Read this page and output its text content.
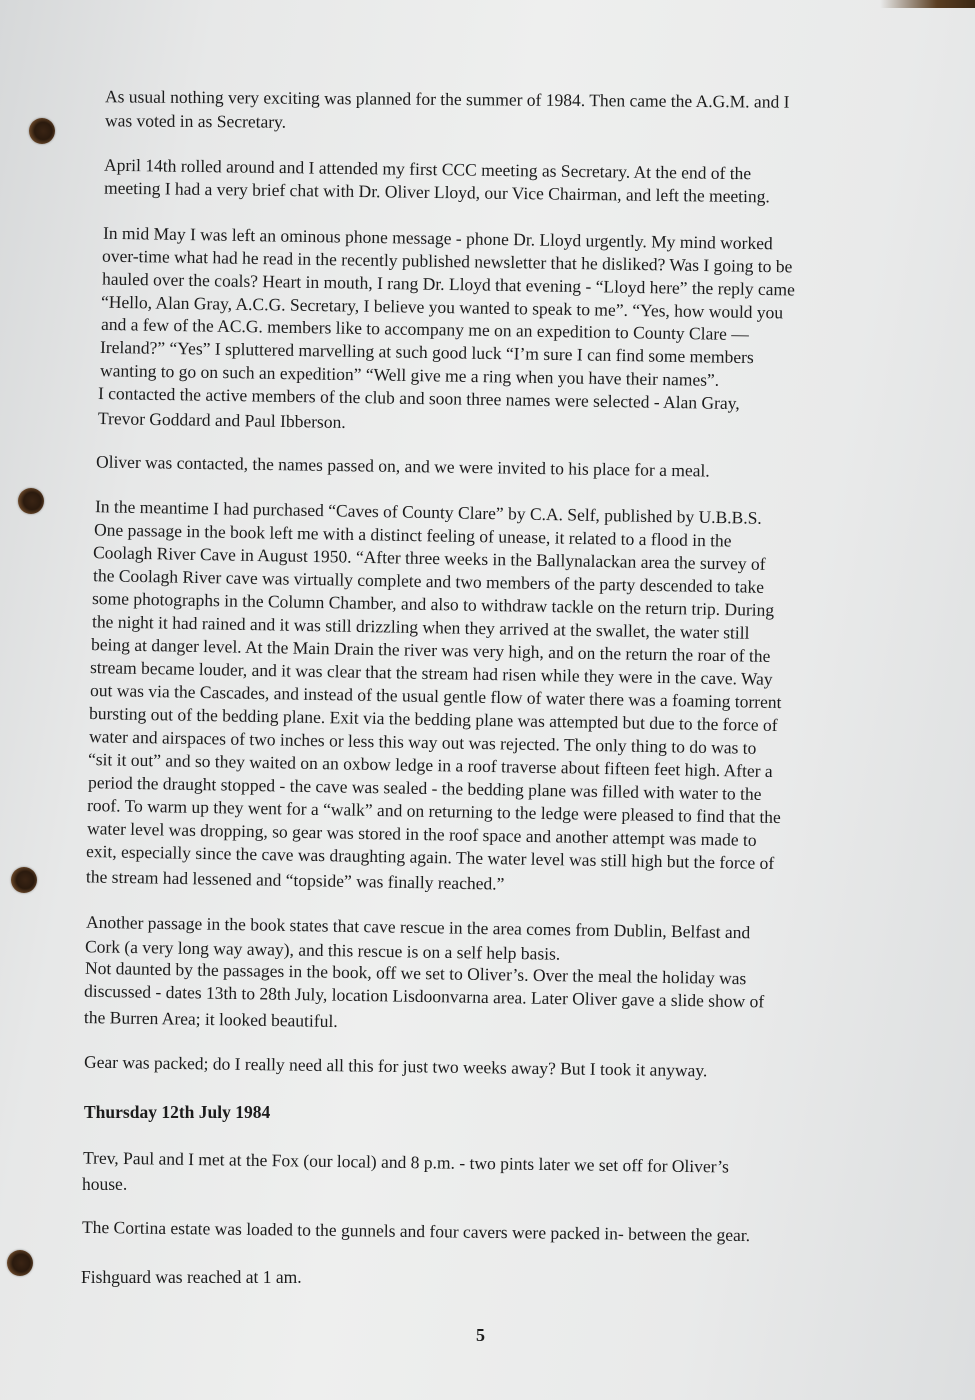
As usual nothing very exciting was planned for the summer of 1984. Then came the A.G.M. and I
was voted in as Secretary.
April 14th rolled around and I attended my first CCC meeting as Secretary. At the end of the
meeting I had a very brief chat with Dr. Oliver Lloyd, our Vice Chairman, and left the meeting.
In mid May I was left an ominous phone message - phone Dr. Lloyd urgently. My mind worked
over-time what had he read in the recently published newsletter that he disliked? Was I going to be
hauled over the coals? Heart in mouth, I rang Dr. Lloyd that evening - “Lloyd here” the reply came
“Hello, Alan Gray, A.C.G. Secretary, I believe you wanted to speak to me”. “Yes, how would you
and a few of the AC.G. members like to accompany me on an expedition to County Clare —
Ireland?” “Yes” I spluttered marvelling at such good luck “I’m sure I can find some members
wanting to go on such an expedition” “Well give me a ring when you have their names”.
I contacted the active members of the club and soon three names were selected - Alan Gray,
Trevor Goddard and Paul Ibberson.
Oliver was contacted, the names passed on, and we were invited to his place for a meal.
In the meantime I had purchased “Caves of County Clare” by C.A. Self, published by U.B.B.S.
One passage in the book left me with a distinct feeling of unease, it related to a flood in the
Coolagh River Cave in August 1950. “After three weeks in the Ballynalackan area the survey of
the Coolagh River cave was virtually complete and two members of the party descended to take
some photographs in the Column Chamber, and also to withdraw tackle on the return trip. During
the night it had rained and it was still drizzling when they arrived at the swallet, the water still
being at danger level. At the Main Drain the river was very high, and on the return the roar of the
stream became louder, and it was clear that the stream had risen while they were in the cave. Way
out was via the Cascades, and instead of the usual gentle flow of water there was a foaming torrent
bursting out of the bedding plane. Exit via the bedding plane was attempted but due to the force of
water and airspaces of two inches or less this way out was rejected. The only thing to do was to
“sit it out” and so they waited on an oxbow ledge in a roof traverse about fifteen feet high. After a
period the draught stopped - the cave was sealed - the bedding plane was filled with water to the
roof. To warm up they went for a “walk” and on returning to the ledge were pleased to find that the
water level was dropping, so gear was stored in the roof space and another attempt was made to
exit, especially since the cave was draughting again. The water level was still high but the force of
the stream had lessened and “topside” was finally reached.”
Another passage in the book states that cave rescue in the area comes from Dublin, Belfast and
Cork (a very long way away), and this rescue is on a self help basis.
Not daunted by the passages in the book, off we set to Oliver’s. Over the meal the holiday was
discussed - dates 13th to 28th July, location Lisdoonvarna area. Later Oliver gave a slide show of
the Burren Area; it looked beautiful.
Gear was packed; do I really need all this for just two weeks away? But I took it anyway.
Thursday 12th July 1984
Trev, Paul and I met at the Fox (our local) and 8 p.m. - two pints later we set off for Oliver’s
house.
The Cortina estate was loaded to the gunnels and four cavers were packed in- between the gear.
Fishguard was reached at 1 am.
5
